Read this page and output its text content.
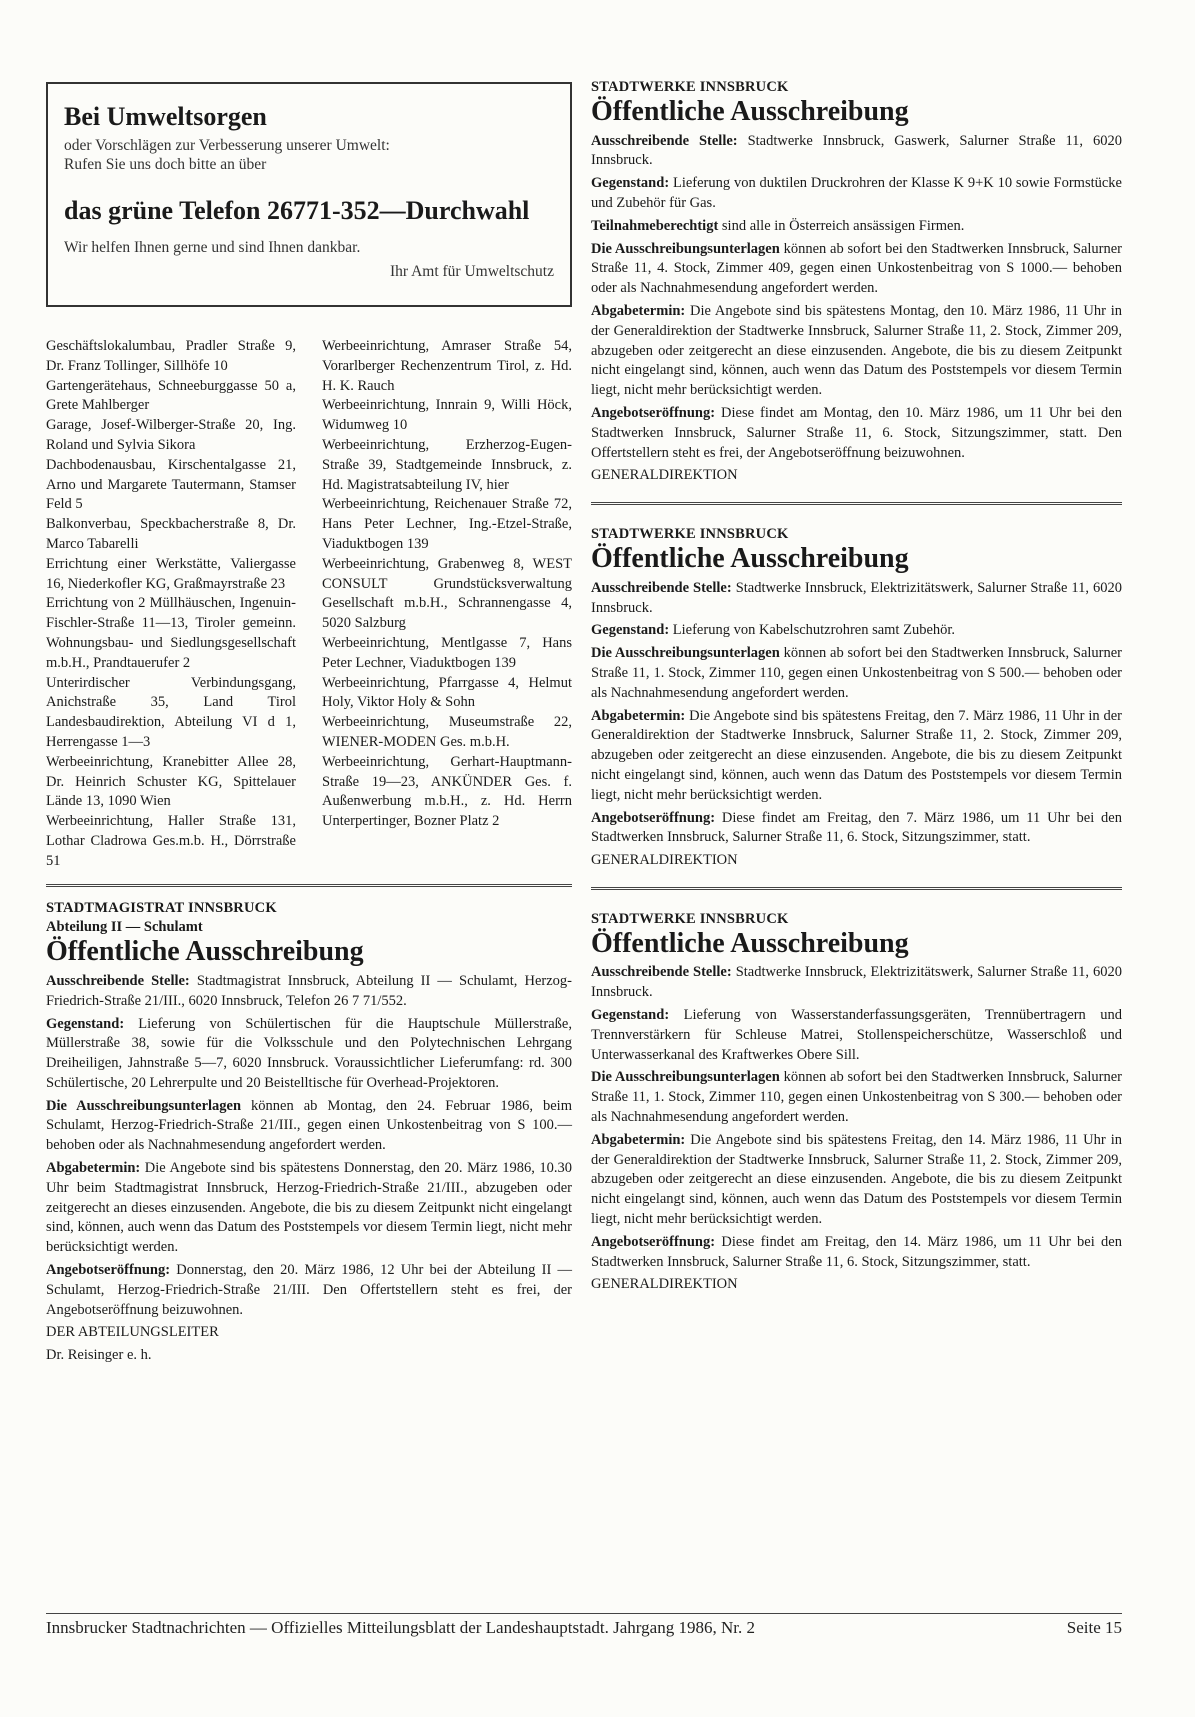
Bei Umweltsorgen
oder Vorschlägen zur Verbesserung unserer Umwelt:
Rufen Sie uns doch bitte an über
das grüne Telefon 26771-352—Durchwahl
Wir helfen Ihnen gerne und sind Ihnen dankbar.
Ihr Amt für Umweltschutz
Geschäftslokalumbau, Pradler Straße 9, Dr. Franz Tollinger, Sillhöfe 10
Gartengerätehaus, Schneeburggasse 50 a, Grete Mahlberger
Garage, Josef-Wilberger-Straße 20, Ing. Roland und Sylvia Sikora
Dachbodenausbau, Kirschentalgasse 21, Arno und Margarete Tautermann, Stamser Feld 5
Balkonverbau, Speckbacherstraße 8, Dr. Marco Tabarelli
Errichtung einer Werkstätte, Valiergasse 16, Niederkofler KG, Graßmayrstraße 23
Errichtung von 2 Müllhäuschen, Ingenuin-Fischler-Straße 11—13, Tiroler gemeinn. Wohnungsbau- und Siedlungsgesellschaft m.b.H., Prandtauerufer 2
Unterirdischer Verbindungsgang, Anichstraße 35, Land Tirol Landesbaudirektion, Abteilung VI d 1, Herrengasse 1—3
Werbeeinrichtung, Kranebitter Allee 28, Dr. Heinrich Schuster KG, Spittelauer Lände 13, 1090 Wien
Werbeeinrichtung, Haller Straße 131, Lothar Cladrowa Ges.m.b. H., Dörrstraße 51
Werbeeinrichtung, Amraser Straße 54, Vorarlberger Rechenzentrum Tirol, z. Hd. H. K. Rauch
Werbeeinrichtung, Innrain 9, Willi Höck, Widumweg 10
Werbeeinrichtung, Erzherzog-Eugen-Straße 39, Stadtgemeinde Innsbruck, z. Hd. Magistratsabteilung IV, hier
Werbeeinrichtung, Reichenauer Straße 72, Hans Peter Lechner, Ing.-Etzel-Straße, Viaduktbogen 139
Werbeeinrichtung, Grabenweg 8, WEST CONSULT Grundstücksverwaltung Gesellschaft m.b.H., Schrannengasse 4, 5020 Salzburg
Werbeeinrichtung, Mentlgasse 7, Hans Peter Lechner, Viaduktbogen 139
Werbeeinrichtung, Pfarrgasse 4, Helmut Holy, Viktor Holy & Sohn
Werbeeinrichtung, Museumstraße 22, WIENER-MODEN Ges. m.b.H.
Werbeeinrichtung, Gerhart-Hauptmann-Straße 19—23, ANKÜNDER Ges. f. Außenwerbung m.b.H., z. Hd. Herrn Unterpertinger, Bozner Platz 2
STADTMAGISTRAT INNSBRUCK
Abteilung II — Schulamt
Öffentliche Ausschreibung

Ausschreibende Stelle: Stadtmagistrat Innsbruck, Abteilung II — Schulamt, Herzog-Friedrich-Straße 21/III., 6020 Innsbruck, Telefon 26 7 71/552.

Gegenstand: Lieferung von Schülertischen für die Hauptschule Müllerstraße, Müllerstraße 38, sowie für die Volksschule und den Polytechnischen Lehrgang Dreiheiligen, Jahnstraße 5—7, 6020 Innsbruck. Voraussichtlicher Lieferumfang: rd. 300 Schülertische, 20 Lehrerpulte und 20 Beistelltische für Overhead-Projektoren.

Die Ausschreibungsunterlagen können ab Montag, den 24. Februar 1986, beim Schulamt, Herzog-Friedrich-Straße 21/III., gegen einen Unkostenbeitrag von S 100.— behoben oder als Nachnahmesendung angefordert werden.

Abgabetermin: Die Angebote sind bis spätestens Donnerstag, den 20. März 1986, 10.30 Uhr beim Stadtmagistrat Innsbruck, Herzog-Friedrich-Straße 21/III., abzugeben oder zeitgerecht an dieses einzusenden. Angebote, die bis zu diesem Zeitpunkt nicht eingelangt sind, können, auch wenn das Datum des Poststempels vor diesem Termin liegt, nicht mehr berücksichtigt werden.

Angebotseröffnung: Donnerstag, den 20. März 1986, 12 Uhr bei der Abteilung II — Schulamt, Herzog-Friedrich-Straße 21/III. Den Offertstellern steht es frei, der Angebotseröffnung beizuwohnen.

DER ABTEILUNGSLEITER

Dr. Reisinger e. h.

STADTWERKE INNSBRUCK
Öffentliche Ausschreibung

Ausschreibende Stelle: Stadtwerke Innsbruck, Gaswerk, Salurner Straße 11, 6020 Innsbruck.

Gegenstand: Lieferung von duktilen Druckrohren der Klasse K 9+K 10 sowie Formstücke und Zubehör für Gas.

Teilnahmeberechtigt sind alle in Österreich ansässigen Firmen.

Die Ausschreibungsunterlagen können ab sofort bei den Stadtwerken Innsbruck, Salurner Straße 11, 4. Stock, Zimmer 409, gegen einen Unkostenbeitrag von S 1000.— behoben oder als Nachnahmesendung angefordert werden.

Abgabetermin: Die Angebote sind bis spätestens Montag, den 10. März 1986, 11 Uhr in der Generaldirektion der Stadtwerke Innsbruck, Salurner Straße 11, 2. Stock, Zimmer 209, abzugeben oder zeitgerecht an diese einzusenden. Angebote, die bis zu diesem Zeitpunkt nicht eingelangt sind, können, auch wenn das Datum des Poststempels vor diesem Termin liegt, nicht mehr berücksichtigt werden.

Angebotseröffnung: Diese findet am Montag, den 10. März 1986, um 11 Uhr bei den Stadtwerken Innsbruck, Salurner Straße 11, 6. Stock, Sitzungszimmer, statt. Den Offertstellern steht es frei, der Angebotseröffnung beizuwohnen.

GENERALDIREKTION

STADTWERKE INNSBRUCK
Öffentliche Ausschreibung

Ausschreibende Stelle: Stadtwerke Innsbruck, Elektrizitätswerk, Salurner Straße 11, 6020 Innsbruck.

Gegenstand: Lieferung von Kabelschutzrohren samt Zubehör.

Die Ausschreibungsunterlagen können ab sofort bei den Stadtwerken Innsbruck, Salurner Straße 11, 1. Stock, Zimmer 110, gegen einen Unkostenbeitrag von S 500.— behoben oder als Nachnahmesendung angefordert werden.

Abgabetermin: Die Angebote sind bis spätestens Freitag, den 7. März 1986, 11 Uhr in der Generaldirektion der Stadtwerke Innsbruck, Salurner Straße 11, 2. Stock, Zimmer 209, abzugeben oder zeitgerecht an diese einzusenden. Angebote, die bis zu diesem Zeitpunkt nicht eingelangt sind, können, auch wenn das Datum des Poststempels vor diesem Termin liegt, nicht mehr berücksichtigt werden.

Angebotseröffnung: Diese findet am Freitag, den 7. März 1986, um 11 Uhr bei den Stadtwerken Innsbruck, Salurner Straße 11, 6. Stock, Sitzungszimmer, statt.

GENERALDIREKTION

STADTWERKE INNSBRUCK
Öffentliche Ausschreibung

Ausschreibende Stelle: Stadtwerke Innsbruck, Elektrizitätswerk, Salurner Straße 11, 6020 Innsbruck.

Gegenstand: Lieferung von Wasserstanderfassungsgeräten, Trennübertragern und Trennverstärkern für Schleuse Matrei, Stollenspeicherschütze, Wasserschloß und Unterwasserkanal des Kraftwerkes Obere Sill.

Die Ausschreibungsunterlagen können ab sofort bei den Stadtwerken Innsbruck, Salurner Straße 11, 1. Stock, Zimmer 110, gegen einen Unkostenbeitrag von S 300.— behoben oder als Nachnahmesendung angefordert werden.

Abgabetermin: Die Angebote sind bis spätestens Freitag, den 14. März 1986, 11 Uhr in der Generaldirektion der Stadtwerke Innsbruck, Salurner Straße 11, 2. Stock, Zimmer 209, abzugeben oder zeitgerecht an diese einzusenden. Angebote, die bis zu diesem Zeitpunkt nicht eingelangt sind, können, auch wenn das Datum des Poststempels vor diesem Termin liegt, nicht mehr berücksichtigt werden.

Angebotseröffnung: Diese findet am Freitag, den 14. März 1986, um 11 Uhr bei den Stadtwerken Innsbruck, Salurner Straße 11, 6. Stock, Sitzungszimmer, statt.

GENERALDIREKTION

Innsbrucker Stadtnachrichten — Offizielles Mitteilungsblatt der Landeshauptstadt. Jahrgang 1986, Nr. 2	Seite 15
